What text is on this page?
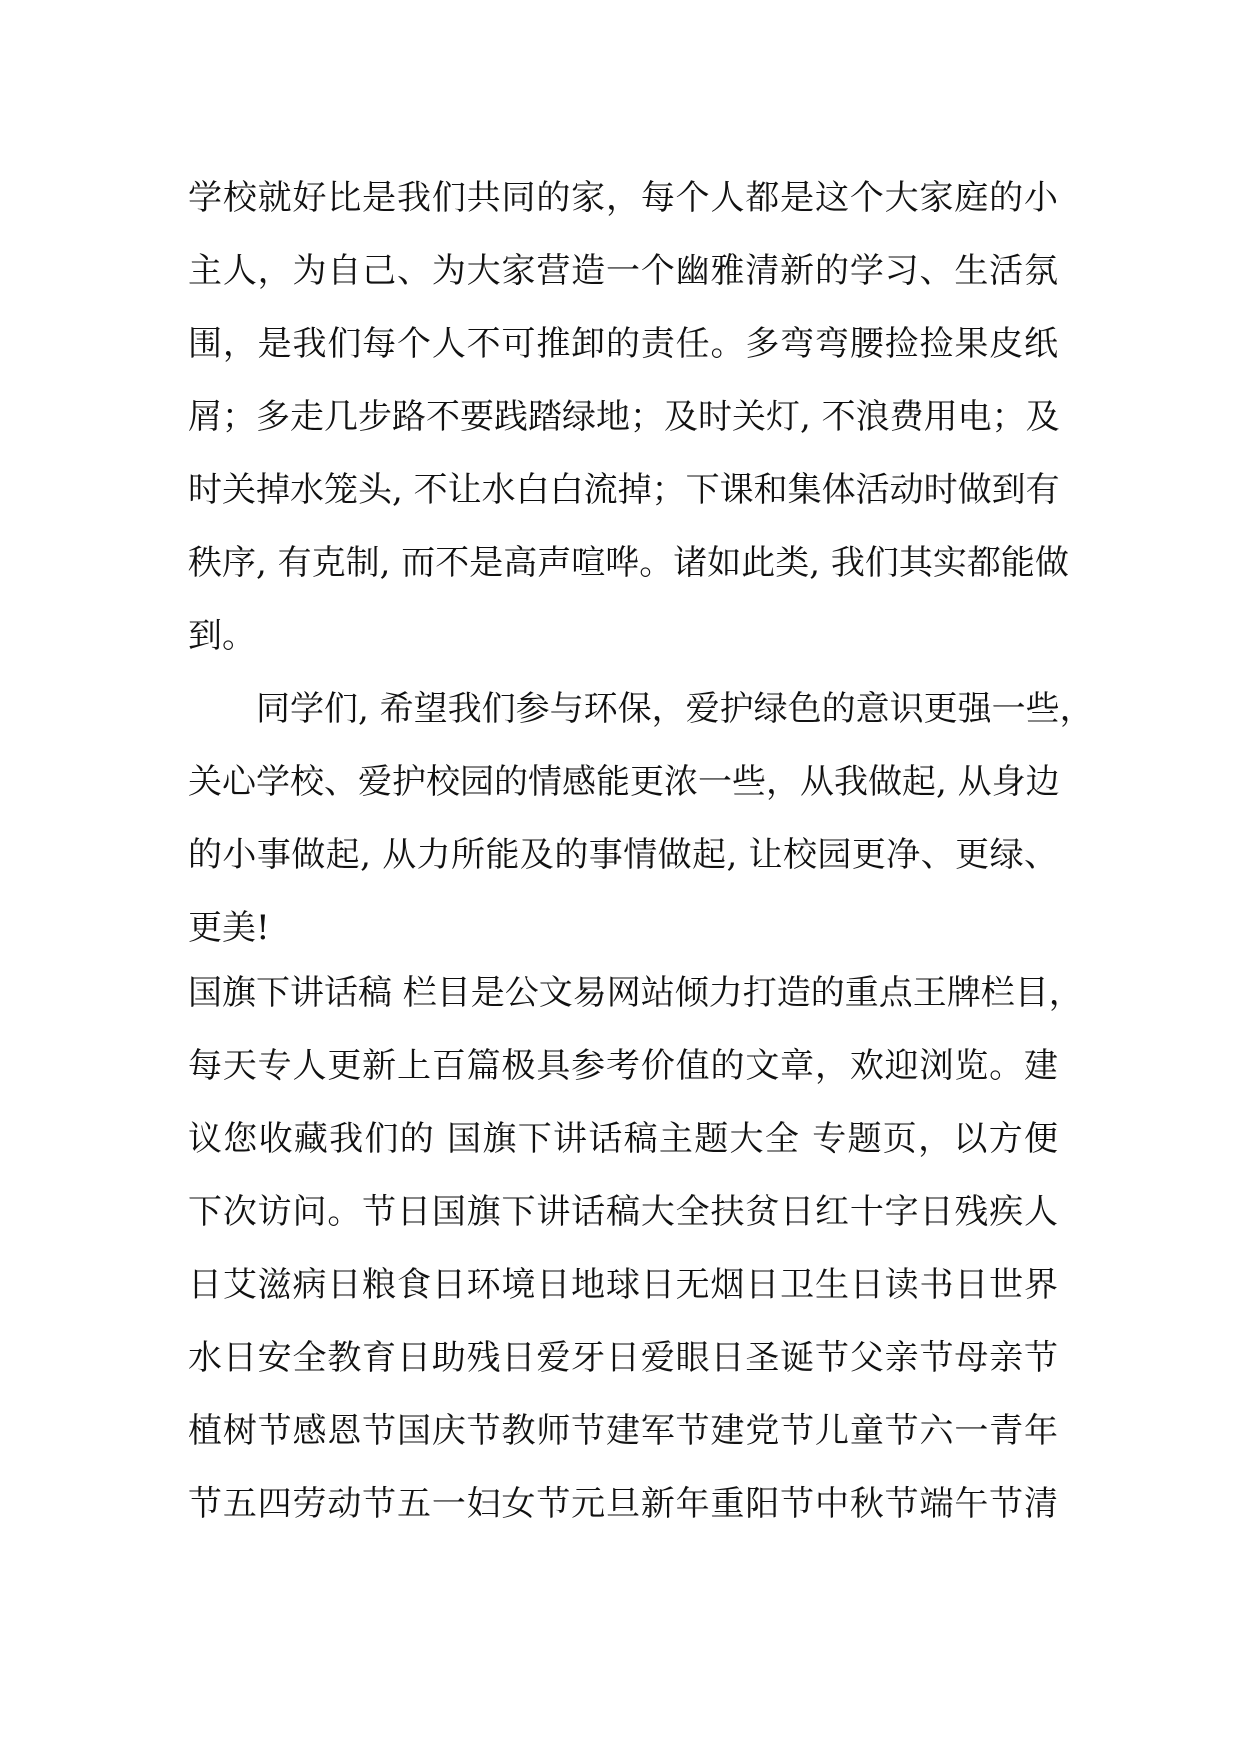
学校就好比是我们共同的家，每个人都是这个大家庭的小
主人，为自己、为大家营造一个幽雅清新的学习、生活氛
围，是我们每个人不可推卸的责任。多弯弯腰捡捡果皮纸
屑；多走几步路不要践踏绿地；及时关灯, 不浪费用电；及
时关掉水笼头, 不让水白白流掉；下课和集体活动时做到有
秩序, 有克制, 而不是高声喧哗。诸如此类, 我们其实都能做
到。
同学们, 希望我们参与环保，爱护绿色的意识更强一些，
关心学校、爱护校园的情感能更浓一些，从我做起, 从身边
的小事做起, 从力所能及的事情做起, 让校园更净、更绿、
更美!
国旗下讲话稿 栏目是公文易网站倾力打造的重点王牌栏目，
每天专人更新上百篇极具参考价值的文章，欢迎浏览。建
议您收藏我们的 国旗下讲话稿主题大全 专题页，以方便
下次访问。节日国旗下讲话稿大全扶贫日红十字日残疾人
日艾滋病日粮食日环境日地球日无烟日卫生日读书日世界
水日安全教育日助残日爱牙日爱眼日圣诞节父亲节母亲节
植树节感恩节国庆节教师节建军节建党节儿童节六一青年
节五四劳动节五一妇女节元旦新年重阳节中秋节端午节清
